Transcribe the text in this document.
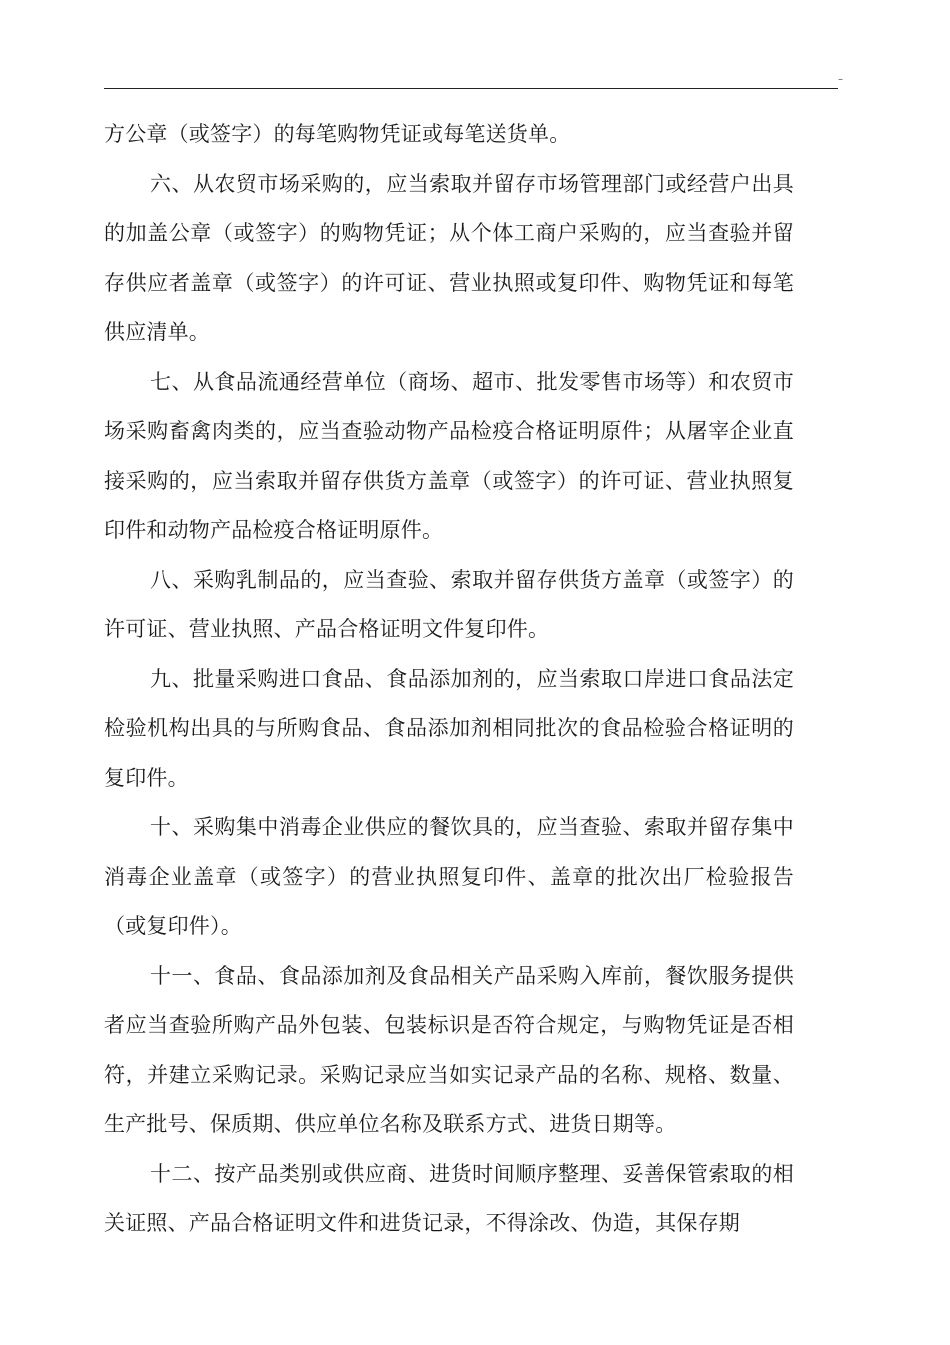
–

方公章（或签字）的每笔购物凭证或每笔送货单。

六、从农贸市场采购的，应当索取并留存市场管理部门或经营户出具的加盖公章（或签字）的购物凭证；从个体工商户采购的，应当查验并留存供应者盖章（或签字）的许可证、营业执照或复印件、购物凭证和每笔供应清单。

七、从食品流通经营单位（商场、超市、批发零售市场等）和农贸市场采购畜禽肉类的，应当查验动物产品检疫合格证明原件；从屠宰企业直接采购的，应当索取并留存供货方盖章（或签字）的许可证、营业执照复印件和动物产品检疫合格证明原件。

八、采购乳制品的，应当查验、索取并留存供货方盖章（或签字）的许可证、营业执照、产品合格证明文件复印件。

九、批量采购进口食品、食品添加剂的，应当索取口岸进口食品法定检验机构出具的与所购食品、食品添加剂相同批次的食品检验合格证明的复印件。

十、采购集中消毒企业供应的餐饮具的，应当查验、索取并留存集中消毒企业盖章（或签字）的营业执照复印件、盖章的批次出厂检验报告（或复印件）。

十一、食品、食品添加剂及食品相关产品采购入库前，餐饮服务提供者应当查验所购产品外包装、包装标识是否符合规定，与购物凭证是否相符，并建立采购记录。采购记录应当如实记录产品的名称、规格、数量、生产批号、保质期、供应单位名称及联系方式、进货日期等。

十二、按产品类别或供应商、进货时间顺序整理、妥善保管索取的相关证照、产品合格证明文件和进货记录，不得涂改、伪造，其保存期
